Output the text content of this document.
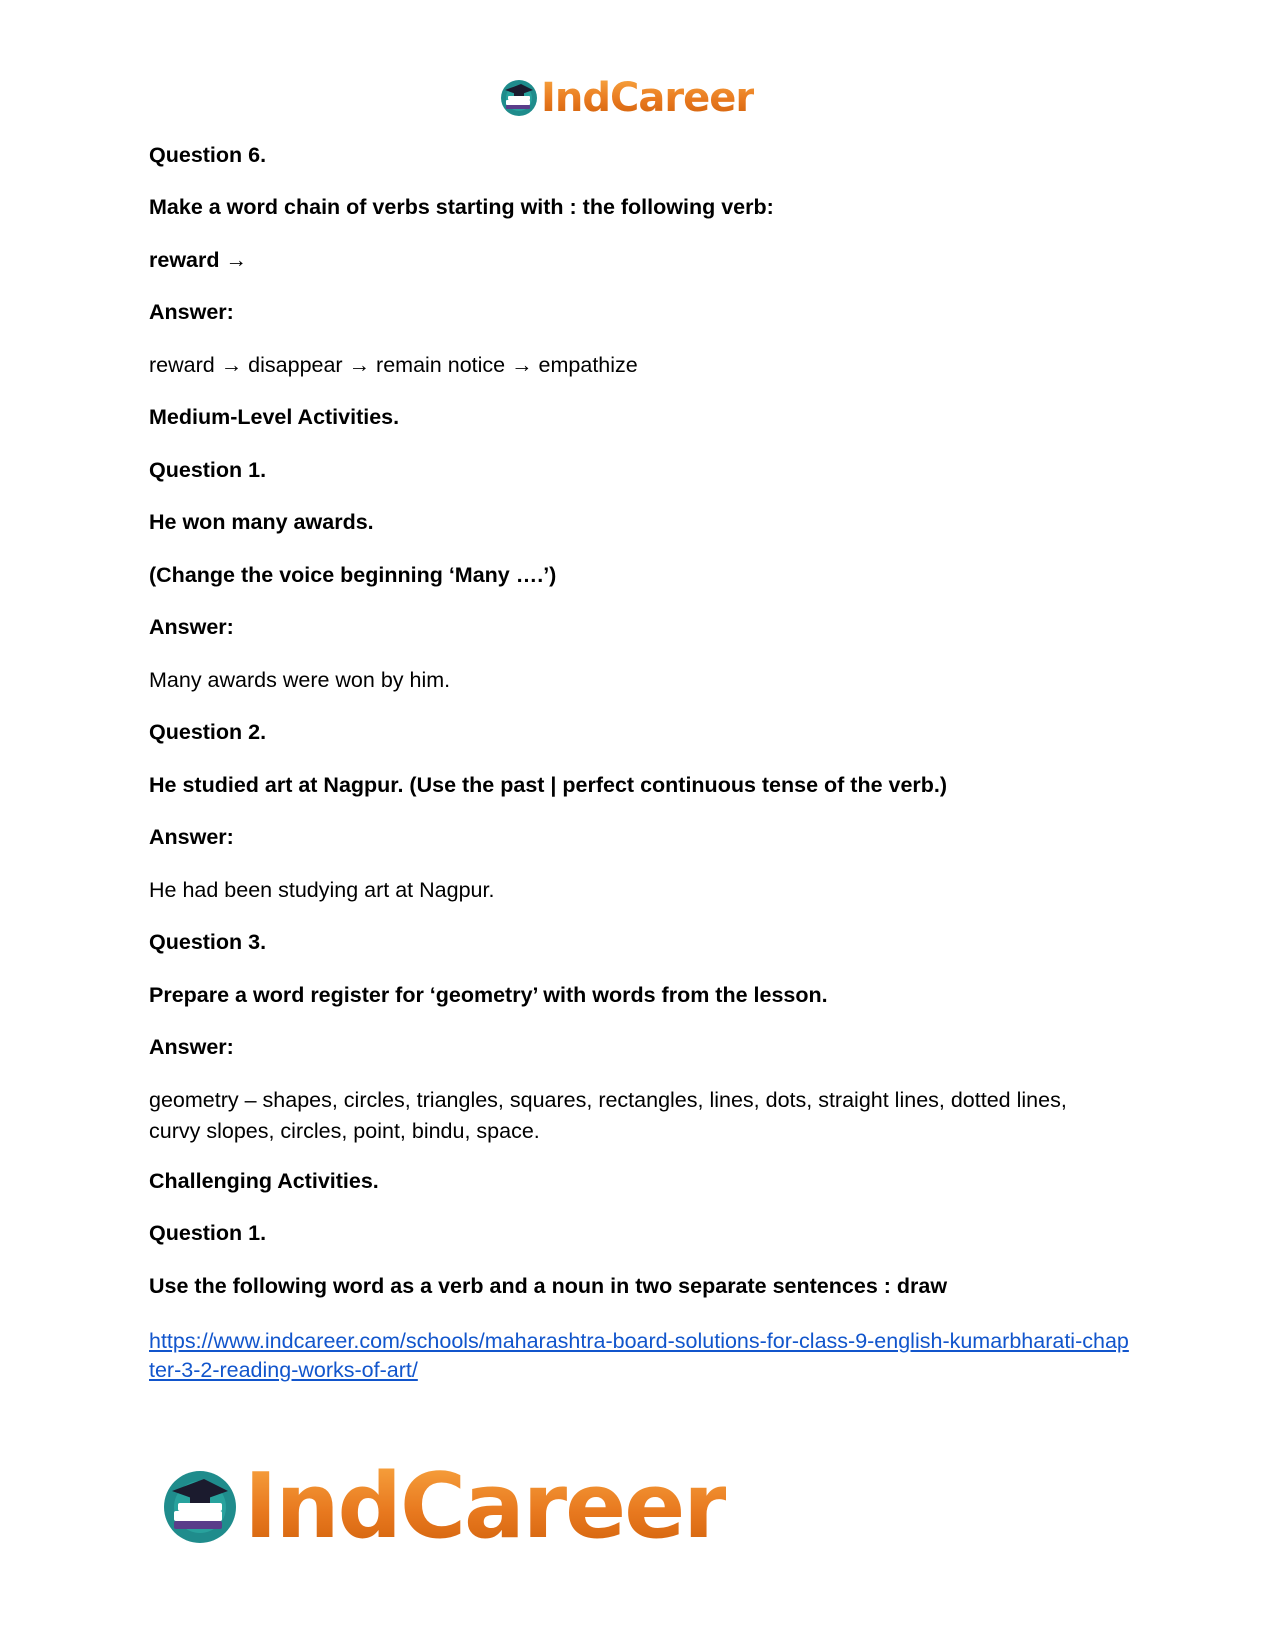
IndCareer
Question 6.
Make a word chain of verbs starting with : the following verb:
reward →
Answer:
reward → disappear → remain notice → empathize
Medium-Level Activities.
Question 1.
He won many awards.
(Change the voice beginning ‘Many ….’)
Answer:
Many awards were won by him.
Question 2.
He studied art at Nagpur. (Use the past | perfect continuous tense of the verb.)
Answer:
He had been studying art at Nagpur.
Question 3.
Prepare a word register for ‘geometry’ with words from the lesson.
Answer:
geometry – shapes, circles, triangles, squares, rectangles, lines, dots, straight lines, dotted lines, curvy slopes, circles, point, bindu, space.
Challenging Activities.
Question 1.
Use the following word as a verb and a noun in two separate sentences : draw
https://www.indcareer.com/schools/maharashtra-board-solutions-for-class-9-english-kumarbharati-chapter-3-2-reading-works-of-art/
IndCareer
